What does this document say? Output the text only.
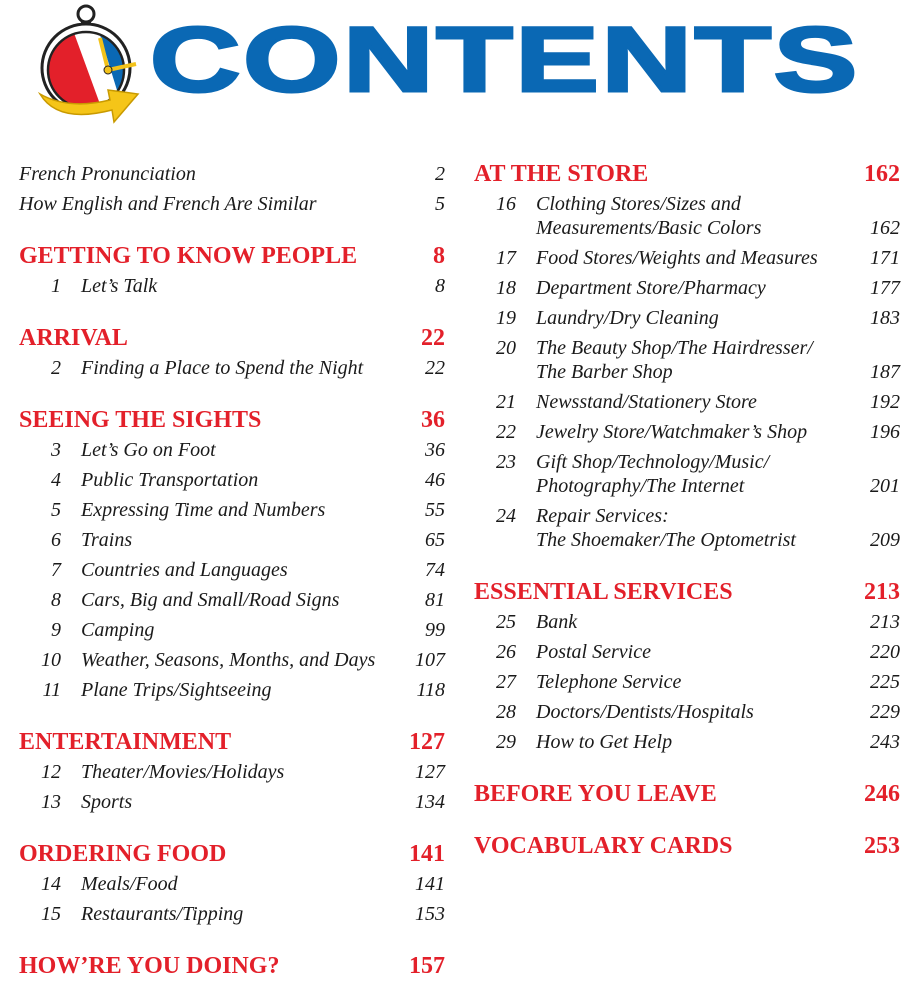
CONTENTS
French Pronunciation	2
How English and French Are Similar	5
GETTING TO KNOW PEOPLE	8
1	Let’s Talk	8
ARRIVAL	22
2	Finding a Place to Spend the Night	22
SEEING THE SIGHTS	36
3	Let’s Go on Foot	36
4	Public Transportation	46
5	Expressing Time and Numbers	55
6	Trains	65
7	Countries and Languages	74
8	Cars, Big and Small/Road Signs	81
9	Camping	99
10	Weather, Seasons, Months, and Days	107
11	Plane Trips/Sightseeing	118
ENTERTAINMENT	127
12	Theater/Movies/Holidays	127
13	Sports	134
ORDERING FOOD	141
14	Meals/Food	141
15	Restaurants/Tipping	153
HOW’RE YOU DOING?	157
AT THE STORE	162
16	Clothing Stores/Sizes and
Measurements/Basic Colors	162
17	Food Stores/Weights and Measures	171
18	Department Store/Pharmacy	177
19	Laundry/Dry Cleaning	183
20	The Beauty Shop/The Hairdresser/
The Barber Shop	187
21	Newsstand/Stationery Store	192
22	Jewelry Store/Watchmaker’s Shop	196
23	Gift Shop/Technology/Music/
Photography/The Internet	201
24	Repair Services:
The Shoemaker/The Optometrist	209
ESSENTIAL SERVICES	213
25	Bank	213
26	Postal Service	220
27	Telephone Service	225
28	Doctors/Dentists/Hospitals	229
29	How to Get Help	243
BEFORE YOU LEAVE	246
VOCABULARY CARDS	253
